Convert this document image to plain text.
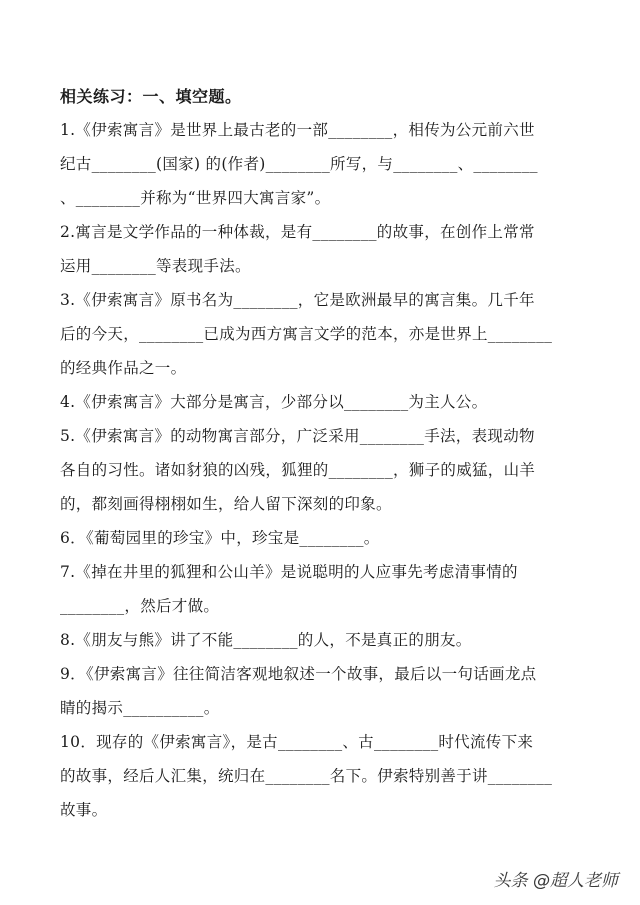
相关练习：一、填空题。
1.《伊索寓言》是世界上最古老的一部________，相传为公元前六世
纪古________(国家) 的(作者)________所写，与________、________
、________并称为“世界四大寓言家”。
2.寓言是文学作品的一种体裁，是有________的故事，在创作上常常
运用________等表现手法。
3.《伊索寓言》原书名为________，它是欧洲最早的寓言集。几千年
后的今天，________已成为西方寓言文学的范本，亦是世界上________
的经典作品之一。
4.《伊索寓言》大部分是寓言，少部分以________为主人公。
5.《伊索寓言》的动物寓言部分，广泛采用________手法，表现动物
各自的习性。诸如豺狼的凶残，狐狸的________，狮子的威猛，山羊
的，都刻画得栩栩如生，给人留下深刻的印象。
6．《葡萄园里的珍宝》中，珍宝是________。
7.《掉在井里的狐狸和公山羊》是说聪明的人应事先考虑清事情的
________，然后才做。
8.《朋友与熊》讲了不能________的人，不是真正的朋友。
9．《伊索寓言》往往简洁客观地叙述一个故事，最后以一句话画龙点
睛的揭示__________。
10．现存的《伊索寓言》，是古________、古________时代流传下来
的故事，经后人汇集，统归在________名下。伊索特别善于讲________
故事。
头条 @超人老师
